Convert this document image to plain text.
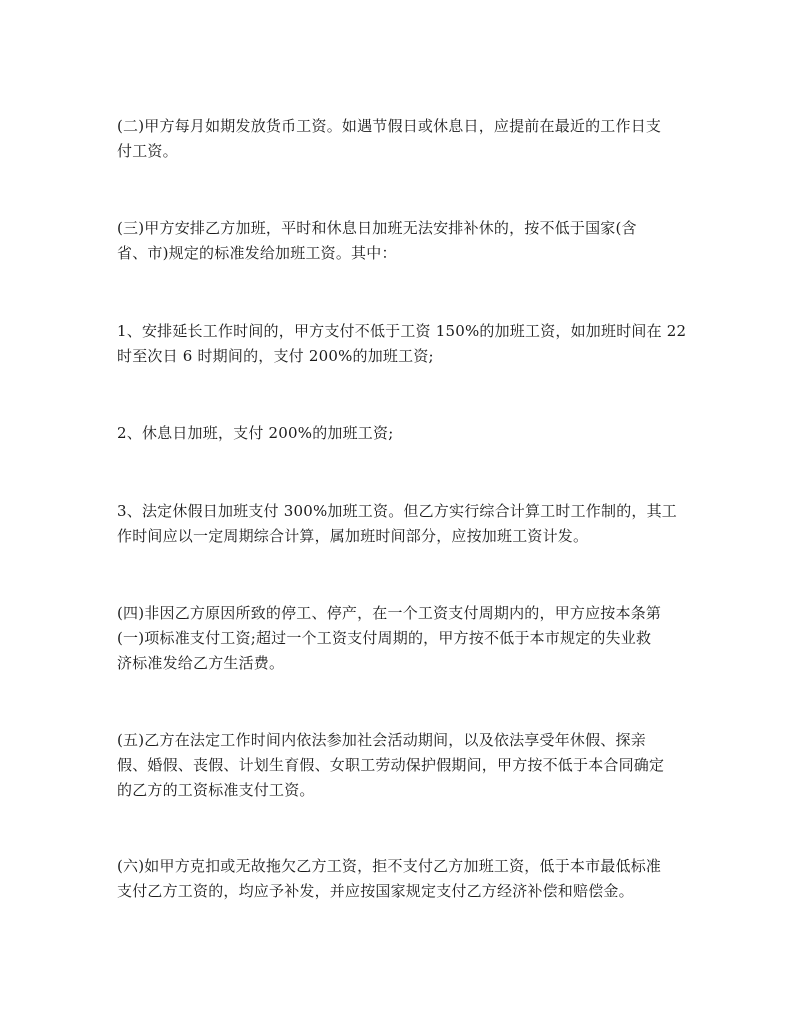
(二)甲方每月如期发放货币工资。如遇节假日或休息日，应提前在最近的工作日支
付工资。
(三)甲方安排乙方加班，平时和休息日加班无法安排补休的，按不低于国家(含
省、市)规定的标准发给加班工资。其中：
1、安排延长工作时间的，甲方支付不低于工资 150%的加班工资，如加班时间在 22
时至次日 6 时期间的，支付 200%的加班工资;
2、休息日加班，支付 200%的加班工资;
3、法定休假日加班支付 300%加班工资。但乙方实行综合计算工时工作制的，其工
作时间应以一定周期综合计算，属加班时间部分，应按加班工资计发。
(四)非因乙方原因所致的停工、停产，在一个工资支付周期内的，甲方应按本条第
(一)项标准支付工资;超过一个工资支付周期的，甲方按不低于本市规定的失业救
济标准发给乙方生活费。
(五)乙方在法定工作时间内依法参加社会活动期间，以及依法享受年休假、探亲
假、婚假、丧假、计划生育假、女职工劳动保护假期间，甲方按不低于本合同确定
的乙方的工资标准支付工资。
(六)如甲方克扣或无故拖欠乙方工资，拒不支付乙方加班工资，低于本市最低标准
支付乙方工资的，均应予补发，并应按国家规定支付乙方经济补偿和赔偿金。
